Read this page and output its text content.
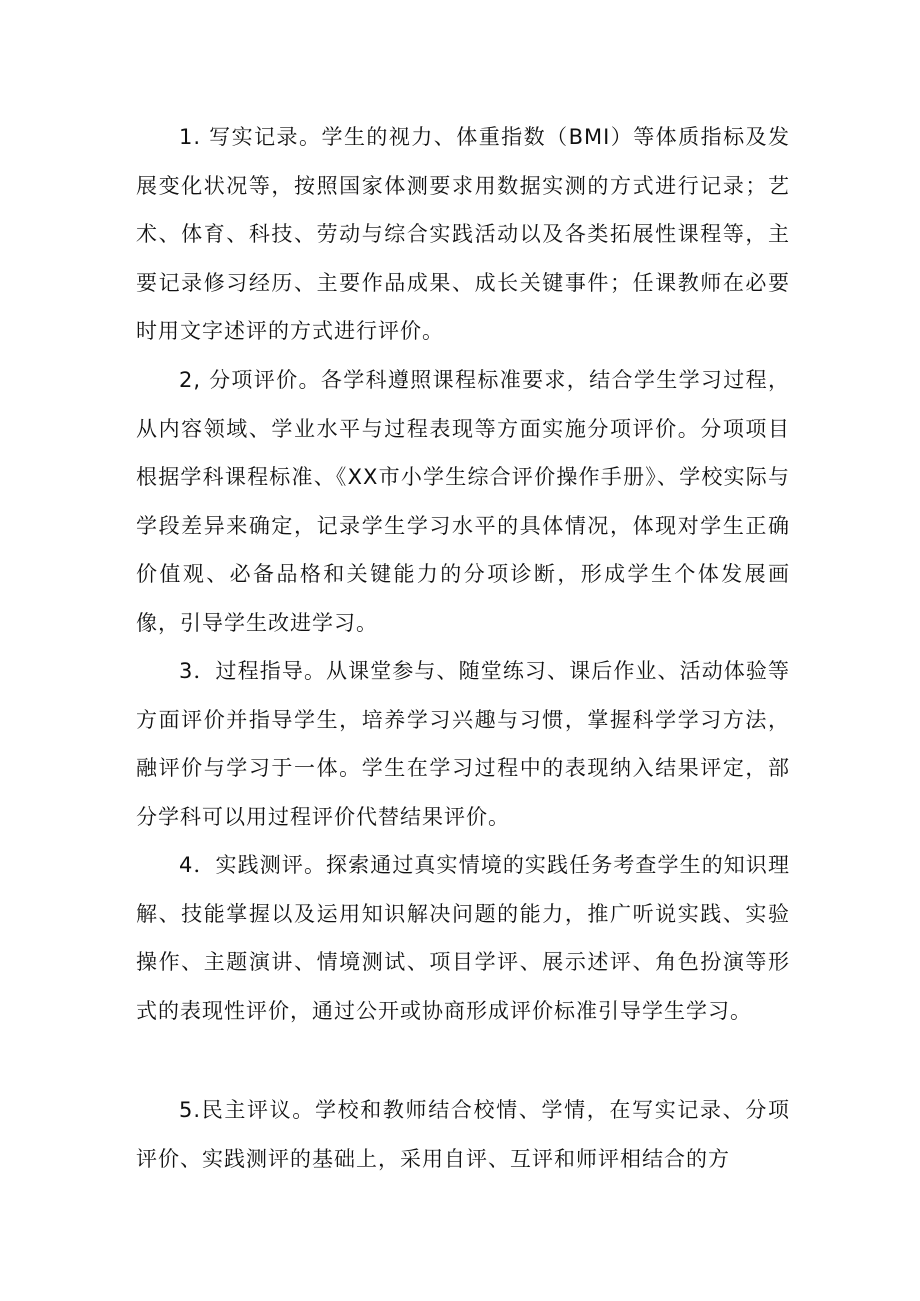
1. 写实记录。学生的视力、体重指数（BMI）等体质指标及发展变化状况等，按照国家体测要求用数据实测的方式进行记录；艺术、体育、科技、劳动与综合实践活动以及各类拓展性课程等，主要记录修习经历、主要作品成果、成长关键事件；任课教师在必要时用文字述评的方式进行评价。

2, 分项评价。各学科遵照课程标准要求，结合学生学习过程，从内容领域、学业水平与过程表现等方面实施分项评价。分项项目根据学科课程标准、《XX市小学生综合评价操作手册》、学校实际与学段差异来确定，记录学生学习水平的具体情况，体现对学生正确价值观、必备品格和关键能力的分项诊断，形成学生个体发展画像，引导学生改进学习。

3．过程指导。从课堂参与、随堂练习、课后作业、活动体验等方面评价并指导学生，培养学习兴趣与习惯，掌握科学学习方法，融评价与学习于一体。学生在学习过程中的表现纳入结果评定，部分学科可以用过程评价代替结果评价。

4．实践测评。探索通过真实情境的实践任务考查学生的知识理解、技能掌握以及运用知识解决问题的能力，推广听说实践、实验操作、主题演讲、情境测试、项目学评、展示述评、角色扮演等形式的表现性评价，通过公开或协商形成评价标准引导学生学习。

5.民主评议。学校和教师结合校情、学情，在写实记录、分项评价、实践测评的基础上，采用自评、互评和师评相结合的方
